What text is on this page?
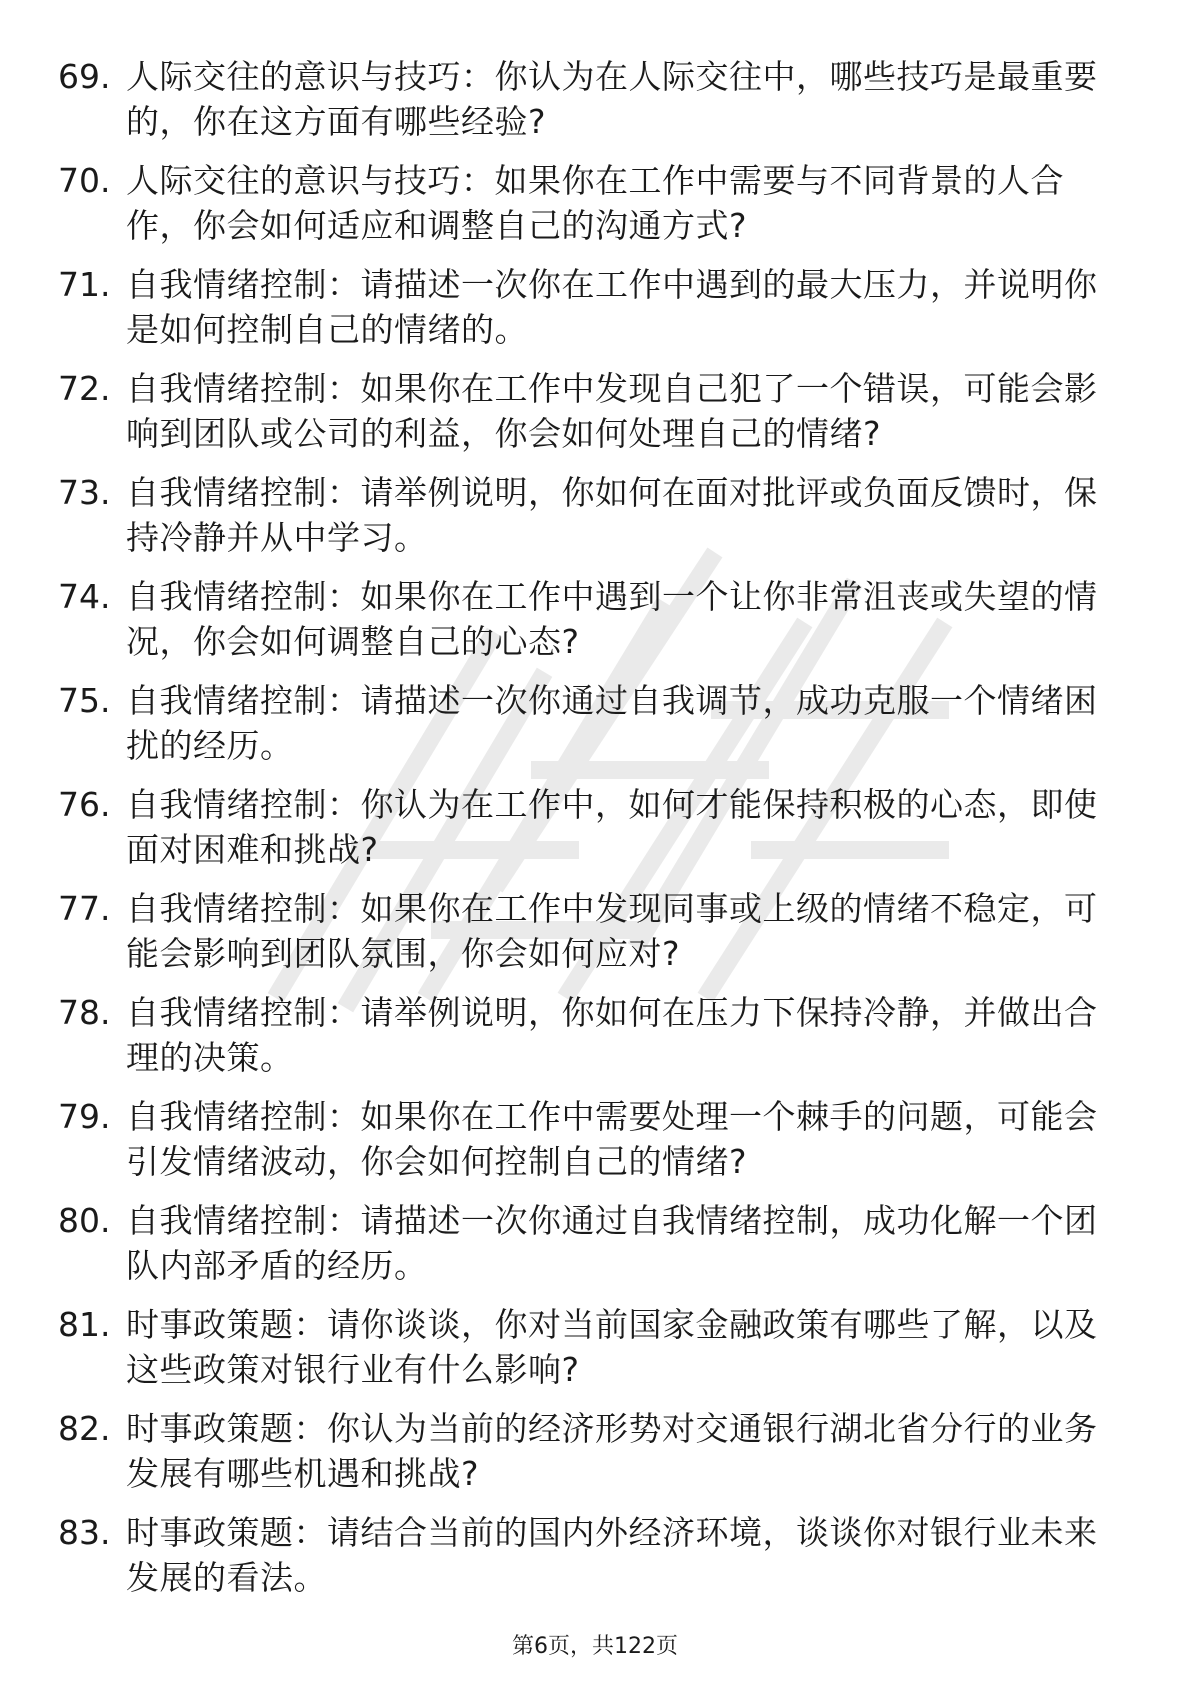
69. 人际交往的意识与技巧：你认为在人际交往中，哪些技巧是最重要的，你在这方面有哪些经验?
70. 人际交往的意识与技巧：如果你在工作中需要与不同背景的人合作，你会如何适应和调整自己的沟通方式?
71. 自我情绪控制：请描述一次你在工作中遇到的最大压力，并说明你是如何控制自己的情绪的。
72. 自我情绪控制：如果你在工作中发现自己犯了一个错误，可能会影响到团队或公司的利益，你会如何处理自己的情绪?
73. 自我情绪控制：请举例说明，你如何在面对批评或负面反馈时，保持冷静并从中学习。
74. 自我情绪控制：如果你在工作中遇到一个让你非常沮丧或失望的情况，你会如何调整自己的心态?
75. 自我情绪控制：请描述一次你通过自我调节，成功克服一个情绪困扰的经历。
76. 自我情绪控制：你认为在工作中，如何才能保持积极的心态，即使面对困难和挑战?
77. 自我情绪控制：如果你在工作中发现同事或上级的情绪不稳定，可能会影响到团队氛围，你会如何应对?
78. 自我情绪控制：请举例说明，你如何在压力下保持冷静，并做出合理的决策。
79. 自我情绪控制：如果你在工作中需要处理一个棘手的问题，可能会引发情绪波动，你会如何控制自己的情绪?
80. 自我情绪控制：请描述一次你通过自我情绪控制，成功化解一个团队内部矛盾的经历。
81. 时事政策题：请你谈谈，你对当前国家金融政策有哪些了解，以及这些政策对银行业有什么影响?
82. 时事政策题：你认为当前的经济形势对交通银行湖北省分行的业务发展有哪些机遇和挑战?
83. 时事政策题：请结合当前的国内外经济环境，谈谈你对银行业未来发展的看法。
第6页，共122页
